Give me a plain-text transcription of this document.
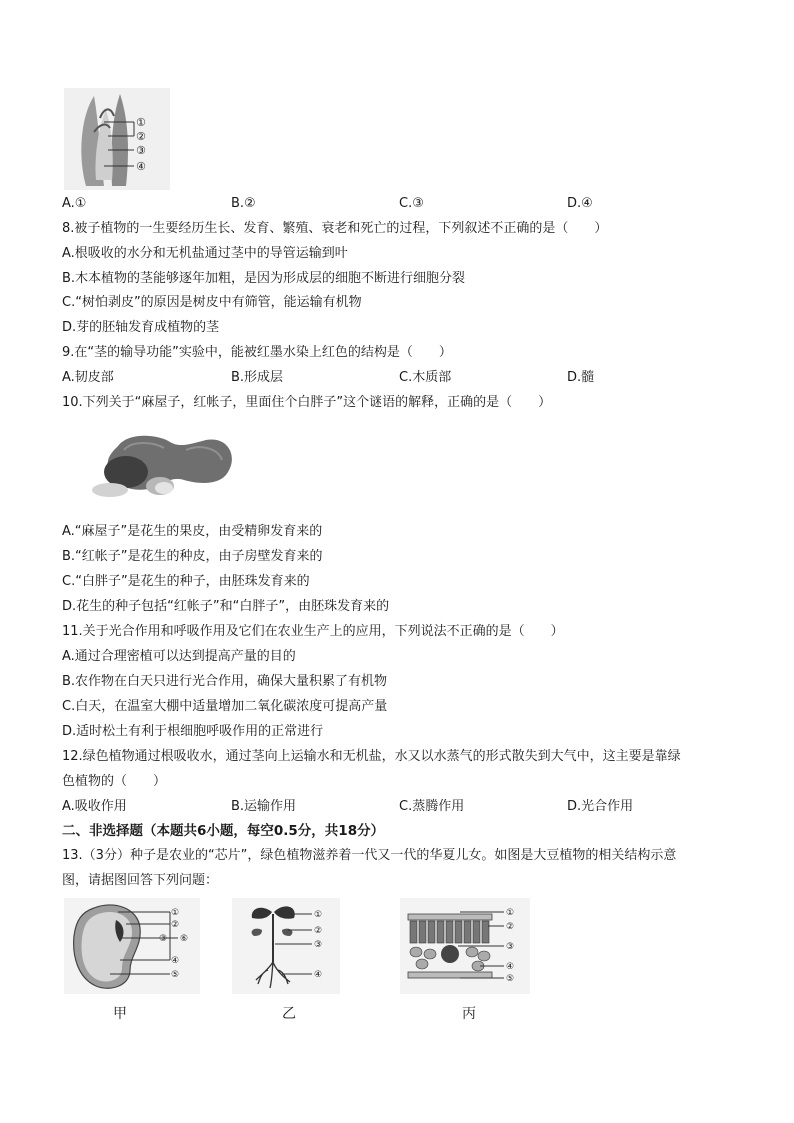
①
②
③
④
A.①	B.②	C.③	D.④
8.被子植物的一生要经历生长、发育、繁殖、衰老和死亡的过程，下列叙述不正确的是（　　）
A.根吸收的水分和无机盐通过茎中的导管运输到叶
B.木本植物的茎能够逐年加粗，是因为形成层的细胞不断进行细胞分裂
C.“树怕剥皮”的原因是树皮中有筛管，能运输有机物
D.芽的胚轴发育成植物的茎
9.在“茎的输导功能”实验中，能被红墨水染上红色的结构是（　　）
A.韧皮部	B.形成层	C.木质部	D.髓
10.下列关于“麻屋子，红帐子，里面住个白胖子”这个谜语的解释，正确的是（　　）
A.“麻屋子”是花生的果皮，由受精卵发育来的
B.“红帐子”是花生的种皮，由子房壁发育来的
C.“白胖子”是花生的种子，由胚珠发育来的
D.花生的种子包括“红帐子”和“白胖子”，由胚珠发育来的
11.关于光合作用和呼吸作用及它们在农业生产上的应用，下列说法不正确的是（　　）
A.通过合理密植可以达到提高产量的目的
B.农作物在白天只进行光合作用，确保大量积累了有机物
C.白天，在温室大棚中适量增加二氧化碳浓度可提高产量
D.适时松土有利于根细胞呼吸作用的正常进行
12.绿色植物通过根吸收水，通过茎向上运输水和无机盐，水又以水蒸气的形式散失到大气中，这主要是靠绿
色植物的（　　）
A.吸收作用	B.运输作用	C.蒸腾作用	D.光合作用
二、非选择题（本题共6小题，每空0.5分，共18分）
13.（3分）种子是农业的“芯片”，绿色植物滋养着一代又一代的华夏儿女。如图是大豆植物的相关结构示意
图，请据图回答下列问题：
①
②
③
④
⑤
⑥
①
②
③
④
①
②
③
④
⑤
甲	乙	丙
